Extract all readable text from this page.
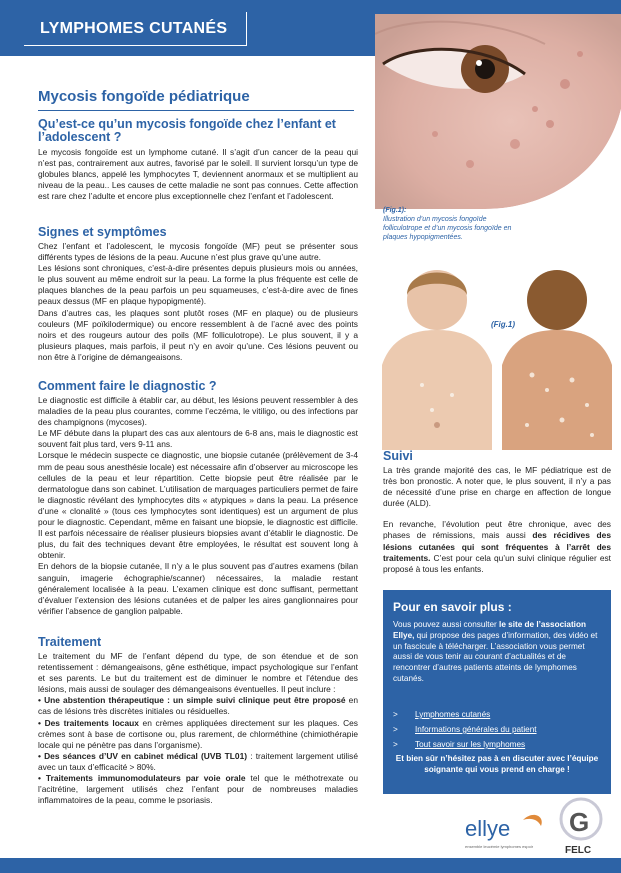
LYMPHOMES CUTANÉS
Mycosis fongoïde pédiatrique
Qu’est-ce qu’un mycosis fongoïde chez l’enfant et l’adolescent ?

Le mycosis fongoïde est un lymphome cutané. Il s’agit d’un cancer de la peau qui n’est pas, contrairement aux autres, favorisé par le soleil. Il survient lorsqu’un type de globules blancs, appelé les lymphocytes T, deviennent anormaux et se multiplient au niveau de la peau.. Les causes de cette maladie ne sont pas connues. Cette affection est rare chez l’adulte et encore plus exceptionnelle chez l’enfant et l’adolescent.

Signes et symptômes

Chez l’enfant et l’adolescent, le mycosis fongoïde (MF) peut se présenter sous différents types de lésions de la peau. Aucune n’est plus grave qu’une autre.

Les lésions sont chroniques, c’est-à-dire présentes depuis plusieurs mois ou années, le plus souvent au même endroit sur la peau. La forme la plus fréquente est celle de plaques blanches de la peau parfois un peu squameuses, c’est-à-dire avec de fines peaux dessus (MF en plaque hypopigmenté).

Dans d’autres cas, les plaques sont plutôt roses (MF en plaque) ou de plusieurs couleurs (MF poïkilodermique) ou encore ressemblent à de l’acné avec des points noirs et des rougeurs autour des poils (MF folliculotrope). Le plus souvent, il y a plusieurs plaques, mais parfois, il peut n’y en avoir qu’une. Ces lésions peuvent ou non être à l’origine de démangeaisons.

Comment faire le diagnostic ?

Le diagnostic est difficile à établir car, au début, les lésions peuvent ressembler à des maladies de la peau plus courantes, comme l’eczéma, le vitiligo, ou des infections par des champignons (mycoses).

Le MF débute dans la plupart des cas aux alentours de 6-8 ans, mais le diagnostic est souvent fait plus tard, vers 9-11 ans.

Lorsque le médecin suspecte ce diagnostic, une biopsie cutanée (prélèvement de 3-4 mm de peau sous anesthésie locale) est nécessaire afin d’observer au microscope les cellules de la peau et leur répartition. Cette biopsie peut être réalisée par le dermatologue dans son cabinet. L’utilisation de marquages particuliers permet de faire le diagnostic révélant des lymphocytes dits « atypiques » dans la peau. La présence d’une « clonalité » (tous ces lymphocytes sont identiques) est un argument de plus pour le diagnostic. Cependant, même en faisant une biopsie, le diagnostic est difficile. Il est parfois nécessaire de réaliser plusieurs biopsies avant d’établir le diagnostic. De plus, du fait des techniques devant être employées, le résultat est souvent long à obtenir.

En dehors de la biopsie cutanée, Il n’y a le plus souvent pas d’autres examens (bilan sanguin, imagerie échographie/scanner) nécessaires, la maladie restant généralement localisée à la peau. L’examen clinique est donc suffisant, permettant d’évaluer l’extension des lésions cutanées et de palper les aires ganglionnaires pour vérifier l’absence de ganglion palpable.

Traitement

Le traitement du MF de l’enfant dépend du type, de son étendue et de son retentissement : démangeaisons, gêne esthétique, impact psychologique sur l’enfant et ses parents. Le but du traitement est de diminuer le nombre et l’étendue des lésions, mais aussi de soulager des démangeaisons éventuelles. Il peut inclure :

• Une abstention thérapeutique : un simple suivi clinique peut être proposé en cas de lésions très discrètes initiales ou résiduelles.
• Des traitements locaux en crèmes appliquées directement sur les plaques. Ces crèmes sont à base de cortisone ou, plus rarement, de chlorméthine (chimiothérapie locale qui ne pénètre pas dans l’organisme).
• Des séances d’UV en cabinet médical (UVB TL01) : traitement largement utilisé avec un taux d’efficacité > 80%.
• Traitements immunomodulateurs par voie orale tel que le méthotrexate ou l’acitrétine, largement utilisés chez l’enfant pour de nombreuses maladies inflammatoires de la peau, comme le psoriasis.
(Fig.1):
Illustration d’un mycosis fongoïde folliculotrope et d’un mycosis fongoïde en plaques hypopigmentées.
(Fig.1)
Suivi

La très grande majorité des cas, le MF pédiatrique est de très bon pronostic. A noter que, le plus souvent, il n’y a pas de nécessité d’une prise en charge en affection de longue durée (ALD).

En revanche, l’évolution peut être chronique, avec des phases de rémissions, mais aussi des récidives des lésions cutanées qui sont fréquentes à l’arrêt des traitements. C’est pour cela qu’un suivi clinique régulier est proposé à tous les enfants.

Pour en savoir plus :
Vous pouvez aussi consulter le site de l’association Ellye, qui propose des pages d’information, des vidéo et un fascicule à télécharger. L’association vous permet aussi de vous tenir au courant d’actualités et de rencontrer d’autres patients atteints de lymphomes cutanés.
>	Lymphomes cutanés
>	Informations générales du patient
>	Tout savoir sur les lymphomes
Et bien sûr n’hésitez pas à en discuter avec l’équipe soignante qui vous prend en charge !
ellye
ensemble leucémie lymphomes espoir
G
FELC
